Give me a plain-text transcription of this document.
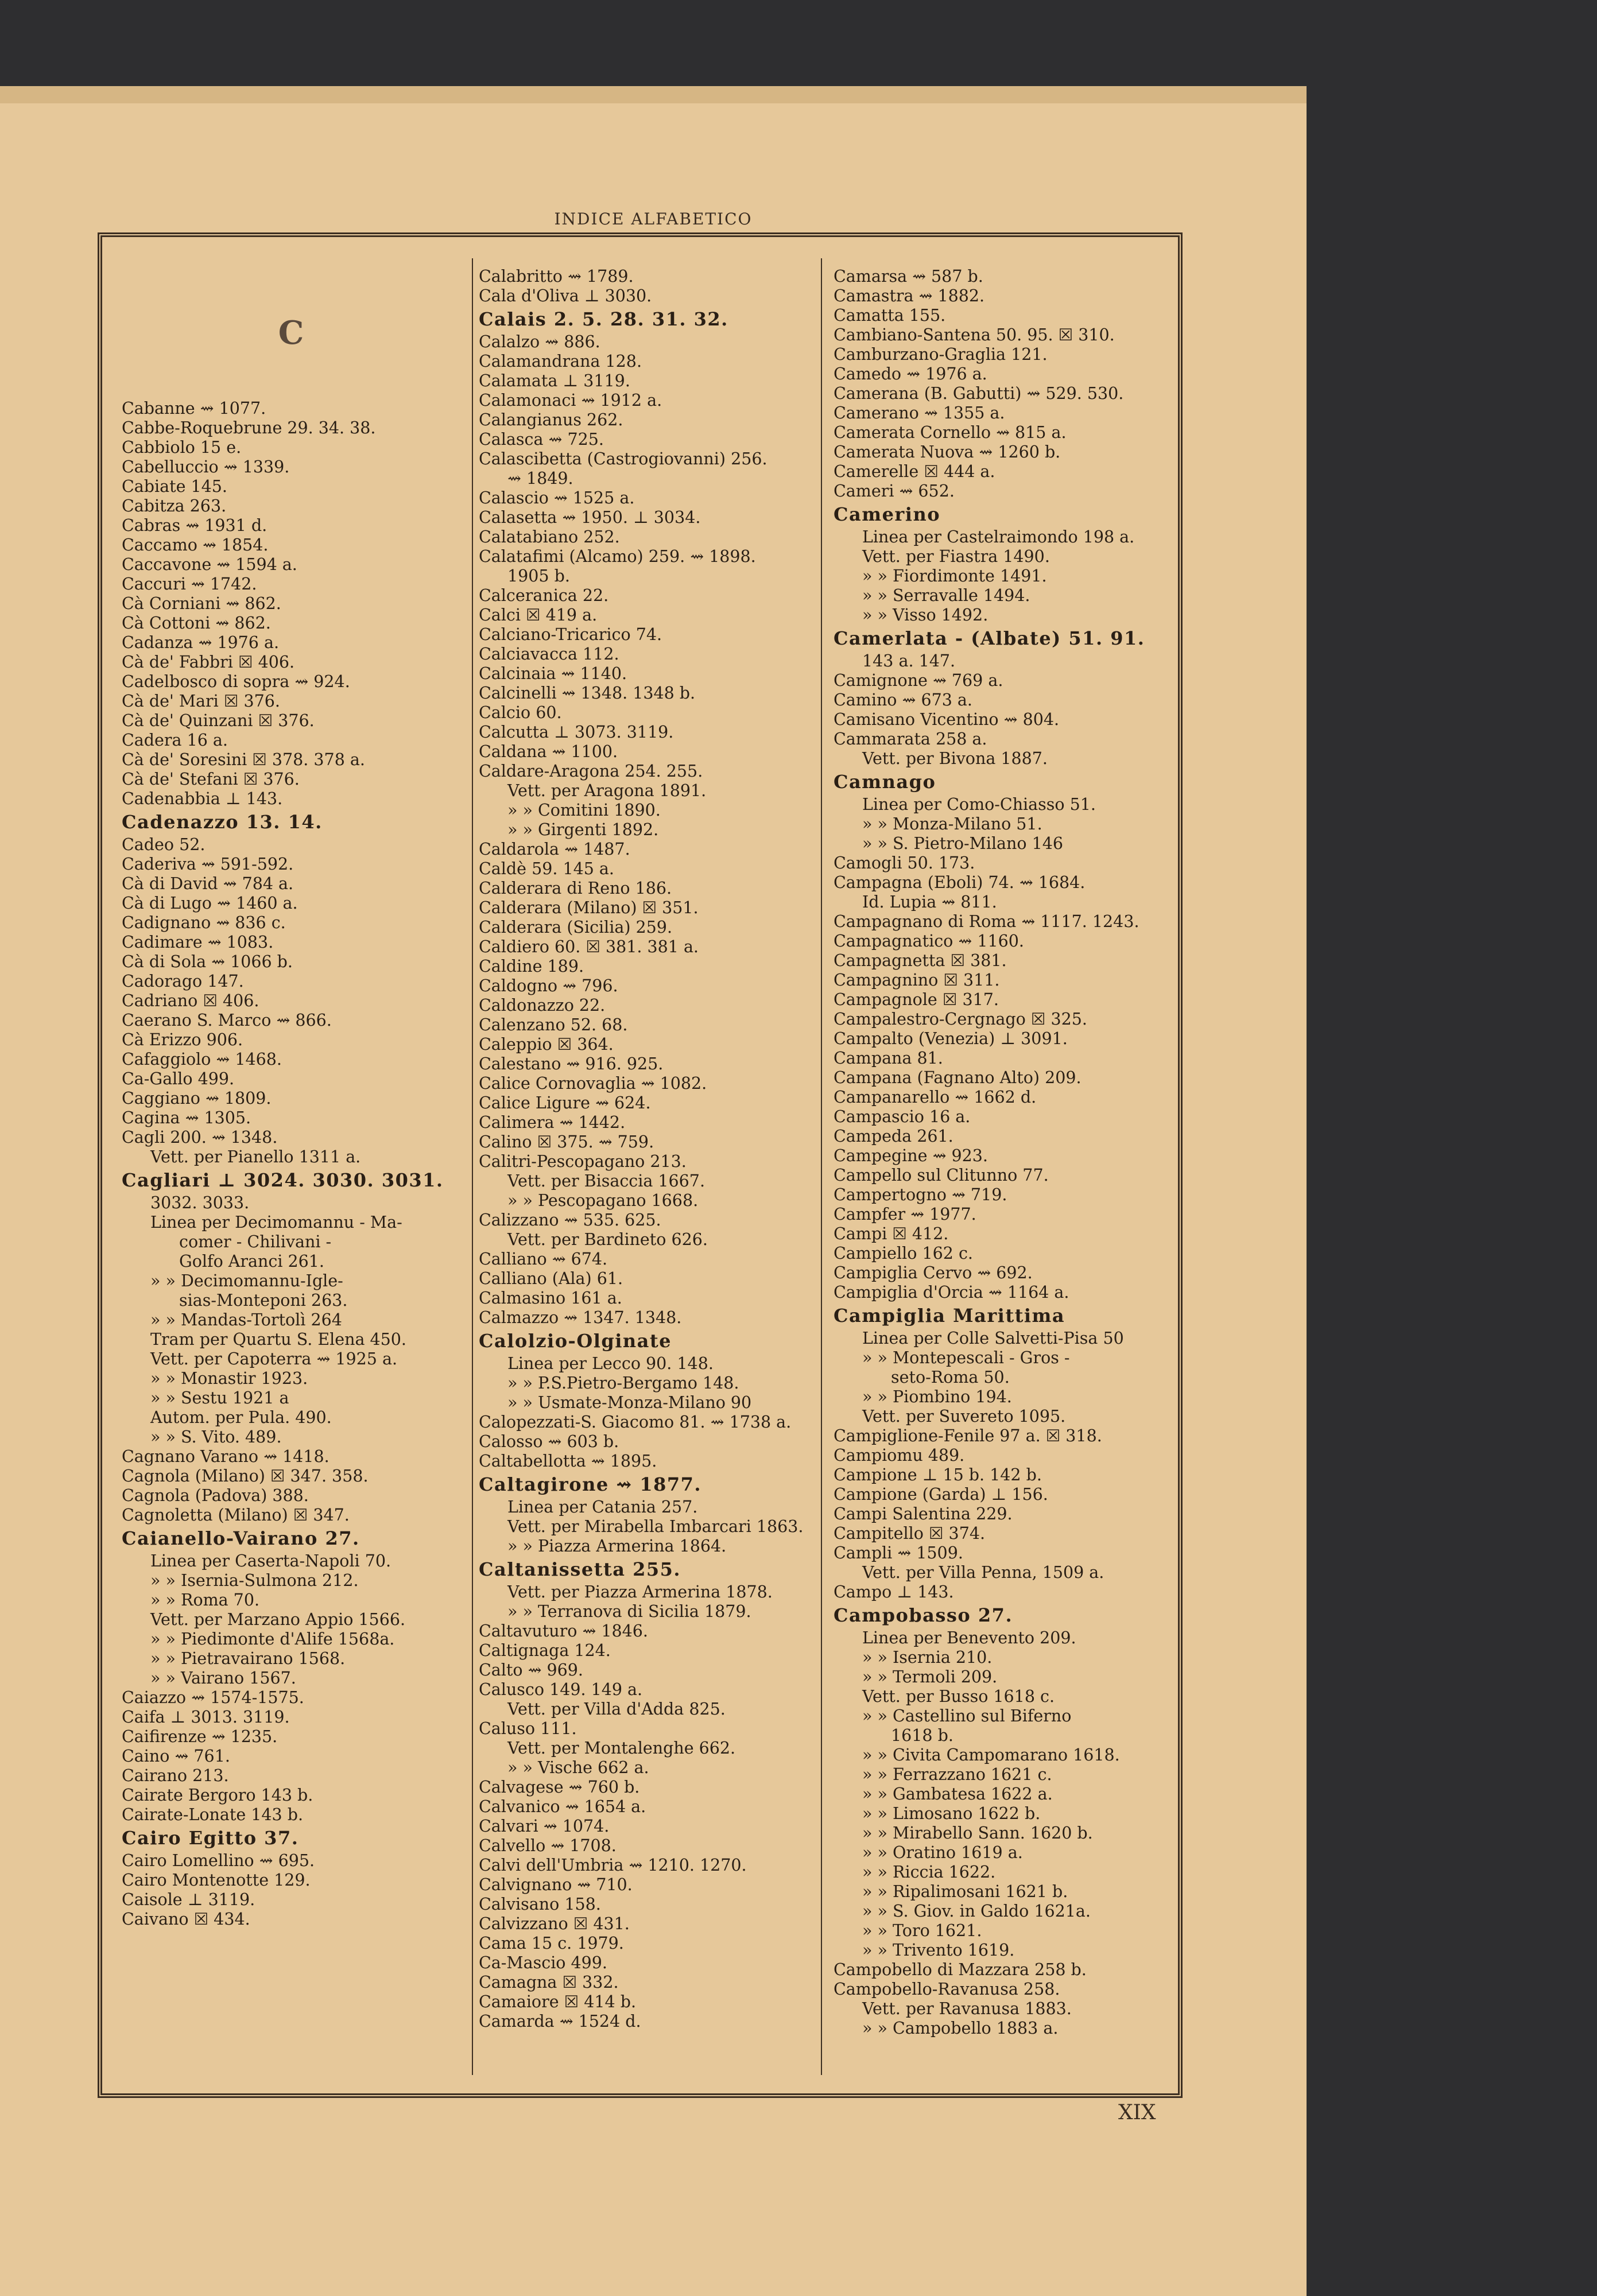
INDICE ALFABETICO
C
Cabanne ⇝ 1077.
Cabbe-Roquebrune 29. 34. 38.
Cabbiolo 15 e.
Cabelluccio ⇝ 1339.
Cabiate 145.
Cabitza 263.
Cabras ⇝ 1931 d.
Caccamo ⇝ 1854.
Caccavone ⇝ 1594 a.
Caccuri ⇝ 1742.
Cà Corniani ⇝ 862.
Cà Cottoni ⇝ 862.
Cadanza ⇝ 1976 a.
Cà de' Fabbri ☒ 406.
Cadelbosco di sopra ⇝ 924.
Cà de' Mari ☒ 376.
Cà de' Quinzani ☒ 376.
Cadera 16 a.
Cà de' Soresini ☒ 378. 378 a.
Cà de' Stefani ☒ 376.
Cadenabbia ⊥ 143.
Cadenazzo 13. 14.
Cadeo 52.
Caderiva ⇝ 591-592.
Cà di David ⇝ 784 a.
Cà di Lugo ⇝ 1460 a.
Cadignano ⇝ 836 c.
Cadimare ⇝ 1083.
Cà di Sola ⇝ 1066 b.
Cadorago 147.
Cadriano ☒ 406.
Caerano S. Marco ⇝ 866.
Cà Erizzo 906.
Cafaggiolo ⇝ 1468.
Ca-Gallo 499.
Caggiano ⇝ 1809.
Cagina ⇝ 1305.
Cagli 200. ⇝ 1348.
Vett. per Pianello 1311 a.
Cagliari ⊥ 3024. 3030. 3031.
3032. 3033.
Linea per Decimomannu - Ma-
comer - Chilivani -
Golfo Aranci 261.
» » Decimomannu-Igle-
sias-Monteponi 263.
» » Mandas-Tortolì 264
Tram per Quartu S. Elena 450.
Vett. per Capoterra ⇝ 1925 a.
» » Monastir 1923.
» » Sestu 1921 a
Autom. per Pula. 490.
» » S. Vito. 489.
Cagnano Varano ⇝ 1418.
Cagnola (Milano) ☒ 347. 358.
Cagnola (Padova) 388.
Cagnoletta (Milano) ☒ 347.
Caianello-Vairano 27.
Linea per Caserta-Napoli 70.
» » Isernia-Sulmona 212.
» » Roma 70.
Vett. per Marzano Appio 1566.
» » Piedimonte d'Alife 1568a.
» » Pietravairano 1568.
» » Vairano 1567.
Caiazzo ⇝ 1574-1575.
Caifa ⊥ 3013. 3119.
Caifirenze ⇝ 1235.
Caino ⇝ 761.
Cairano 213.
Cairate Bergoro 143 b.
Cairate-Lonate 143 b.
Cairo Egitto 37.
Cairo Lomellino ⇝ 695.
Cairo Montenotte 129.
Caisole ⊥ 3119.
Caivano ☒ 434.
Calabritto ⇝ 1789.
Cala d'Oliva ⊥ 3030.
Calais 2. 5. 28. 31. 32.
Calalzo ⇝ 886.
Calamandrana 128.
Calamata ⊥ 3119.
Calamonaci ⇝ 1912 a.
Calangianus 262.
Calasca ⇝ 725.
Calascibetta (Castrogiovanni) 256.
⇝ 1849.
Calascio ⇝ 1525 a.
Calasetta ⇝ 1950. ⊥ 3034.
Calatabiano 252.
Calatafimi (Alcamo) 259. ⇝ 1898.
1905 b.
Calceranica 22.
Calci ☒ 419 a.
Calciano-Tricarico 74.
Calciavacca 112.
Calcinaia ⇝ 1140.
Calcinelli ⇝ 1348. 1348 b.
Calcio 60.
Calcutta ⊥ 3073. 3119.
Caldana ⇝ 1100.
Caldare-Aragona 254. 255.
Vett. per Aragona 1891.
» » Comitini 1890.
» » Girgenti 1892.
Caldarola ⇝ 1487.
Caldè 59. 145 a.
Calderara di Reno 186.
Calderara (Milano) ☒ 351.
Calderara (Sicilia) 259.
Caldiero 60. ☒ 381. 381 a.
Caldine 189.
Caldogno ⇝ 796.
Caldonazzo 22.
Calenzano 52. 68.
Caleppio ☒ 364.
Calestano ⇝ 916. 925.
Calice Cornovaglia ⇝ 1082.
Calice Ligure ⇝ 624.
Calimera ⇝ 1442.
Calino ☒ 375. ⇝ 759.
Calitri-Pescopagano 213.
Vett. per Bisaccia 1667.
» » Pescopagano 1668.
Calizzano ⇝ 535. 625.
Vett. per Bardineto 626.
Calliano ⇝ 674.
Calliano (Ala) 61.
Calmasino 161 a.
Calmazzo ⇝ 1347. 1348.
Calolzio-Olginate
Linea per Lecco 90. 148.
» » P.S.Pietro-Bergamo 148.
» » Usmate-Monza-Milano 90
Calopezzati-S. Giacomo 81. ⇝ 1738 a.
Calosso ⇝ 603 b.
Caltabellotta ⇝ 1895.
Caltagirone ⇝ 1877.
Linea per Catania 257.
Vett. per Mirabella Imbarcari 1863.
» » Piazza Armerina 1864.
Caltanissetta 255.
Vett. per Piazza Armerina 1878.
» » Terranova di Sicilia 1879.
Caltavuturo ⇝ 1846.
Caltignaga 124.
Calto ⇝ 969.
Calusco 149. 149 a.
Vett. per Villa d'Adda 825.
Caluso 111.
Vett. per Montalenghe 662.
» » Vische 662 a.
Calvagese ⇝ 760 b.
Calvanico ⇝ 1654 a.
Calvari ⇝ 1074.
Calvello ⇝ 1708.
Calvi dell'Umbria ⇝ 1210. 1270.
Calvignano ⇝ 710.
Calvisano 158.
Calvizzano ☒ 431.
Cama 15 c. 1979.
Ca-Mascio 499.
Camagna ☒ 332.
Camaiore ☒ 414 b.
Camarda ⇝ 1524 d.
Camarsa ⇝ 587 b.
Camastra ⇝ 1882.
Camatta 155.
Cambiano-Santena 50. 95. ☒ 310.
Camburzano-Graglia 121.
Camedo ⇝ 1976 a.
Camerana (B. Gabutti) ⇝ 529. 530.
Camerano ⇝ 1355 a.
Camerata Cornello ⇝ 815 a.
Camerata Nuova ⇝ 1260 b.
Camerelle ☒ 444 a.
Cameri ⇝ 652.
Camerino
Linea per Castelraimondo 198 a.
Vett. per Fiastra 1490.
» » Fiordimonte 1491.
» » Serravalle 1494.
» » Visso 1492.
Camerlata - (Albate) 51. 91.
143 a. 147.
Camignone ⇝ 769 a.
Camino ⇝ 673 a.
Camisano Vicentino ⇝ 804.
Cammarata 258 a.
Vett. per Bivona 1887.
Camnago
Linea per Como-Chiasso 51.
» » Monza-Milano 51.
» » S. Pietro-Milano 146
Camogli 50. 173.
Campagna (Eboli) 74. ⇝ 1684.
Id. Lupia ⇝ 811.
Campagnano di Roma ⇝ 1117. 1243.
Campagnatico ⇝ 1160.
Campagnetta ☒ 381.
Campagnino ☒ 311.
Campagnole ☒ 317.
Campalestro-Cergnago ☒ 325.
Campalto (Venezia) ⊥ 3091.
Campana 81.
Campana (Fagnano Alto) 209.
Campanarello ⇝ 1662 d.
Campascio 16 a.
Campeda 261.
Campegine ⇝ 923.
Campello sul Clitunno 77.
Campertogno ⇝ 719.
Campfer ⇝ 1977.
Campi ☒ 412.
Campiello 162 c.
Campiglia Cervo ⇝ 692.
Campiglia d'Orcia ⇝ 1164 a.
Campiglia Marittima
Linea per Colle Salvetti-Pisa 50
» » Montepescali - Gros -
seto-Roma 50.
» » Piombino 194.
Vett. per Suvereto 1095.
Campiglione-Fenile 97 a. ☒ 318.
Campiomu 489.
Campione ⊥ 15 b. 142 b.
Campione (Garda) ⊥ 156.
Campi Salentina 229.
Campitello ☒ 374.
Campli ⇝ 1509.
Vett. per Villa Penna, 1509 a.
Campo ⊥ 143.
Campobasso 27.
Linea per Benevento 209.
» » Isernia 210.
» » Termoli 209.
Vett. per Busso 1618 c.
» » Castellino sul Biferno
1618 b.
» » Civita Campomarano 1618.
» » Ferrazzano 1621 c.
» » Gambatesa 1622 a.
» » Limosano 1622 b.
» » Mirabello Sann. 1620 b.
» » Oratino 1619 a.
» » Riccia 1622.
» » Ripalimosani 1621 b.
» » S. Giov. in Galdo 1621a.
» » Toro 1621.
» » Trivento 1619.
Campobello di Mazzara 258 b.
Campobello-Ravanusa 258.
Vett. per Ravanusa 1883.
» » Campobello 1883 a.
XIX
